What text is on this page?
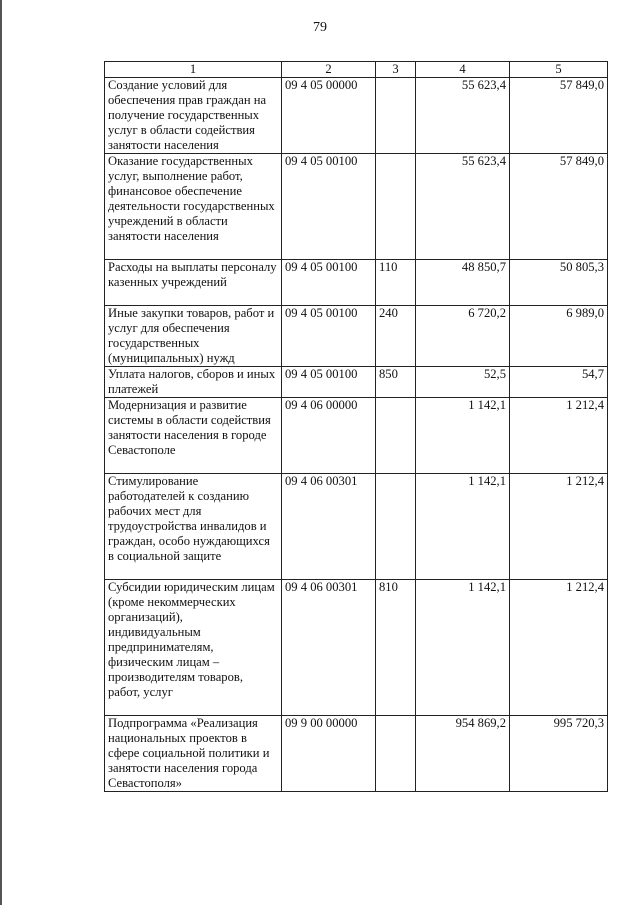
79
1	2	3	4	5
Создание условий для обеспечения прав граждан на получение государственных услуг в области содействия занятости населения	09 4 05 00000		55 623,4	57 849,0
Оказание государственных услуг, выполнение работ, финансовое обеспечение деятельности государственных учреждений в области занятости населения	09 4 05 00100		55 623,4	57 849,0
Расходы на выплаты персоналу казенных учреждений	09 4 05 00100	110	48 850,7	50 805,3
Иные закупки товаров, работ и услуг для обеспечения государственных (муниципальных) нужд	09 4 05 00100	240	6 720,2	6 989,0
Уплата налогов, сборов и иных платежей	09 4 05 00100	850	52,5	54,7
Модернизация и развитие системы в области содействия занятости населения в городе Севастополе	09 4 06 00000		1 142,1	1 212,4
Стимулирование работодателей к созданию рабочих мест для трудоустройства инвалидов и граждан, особо нуждающихся в социальной защите	09 4 06 00301		1 142,1	1 212,4
Субсидии юридическим лицам (кроме некоммерческих организаций), индивидуальным предпринимателям, физическим лицам – производителям товаров, работ, услуг	09 4 06 00301	810	1 142,1	1 212,4
Подпрограмма «Реализация национальных проектов в сфере социальной политики и занятости населения города Севастополя»	09 9 00 00000		954 869,2	995 720,3
